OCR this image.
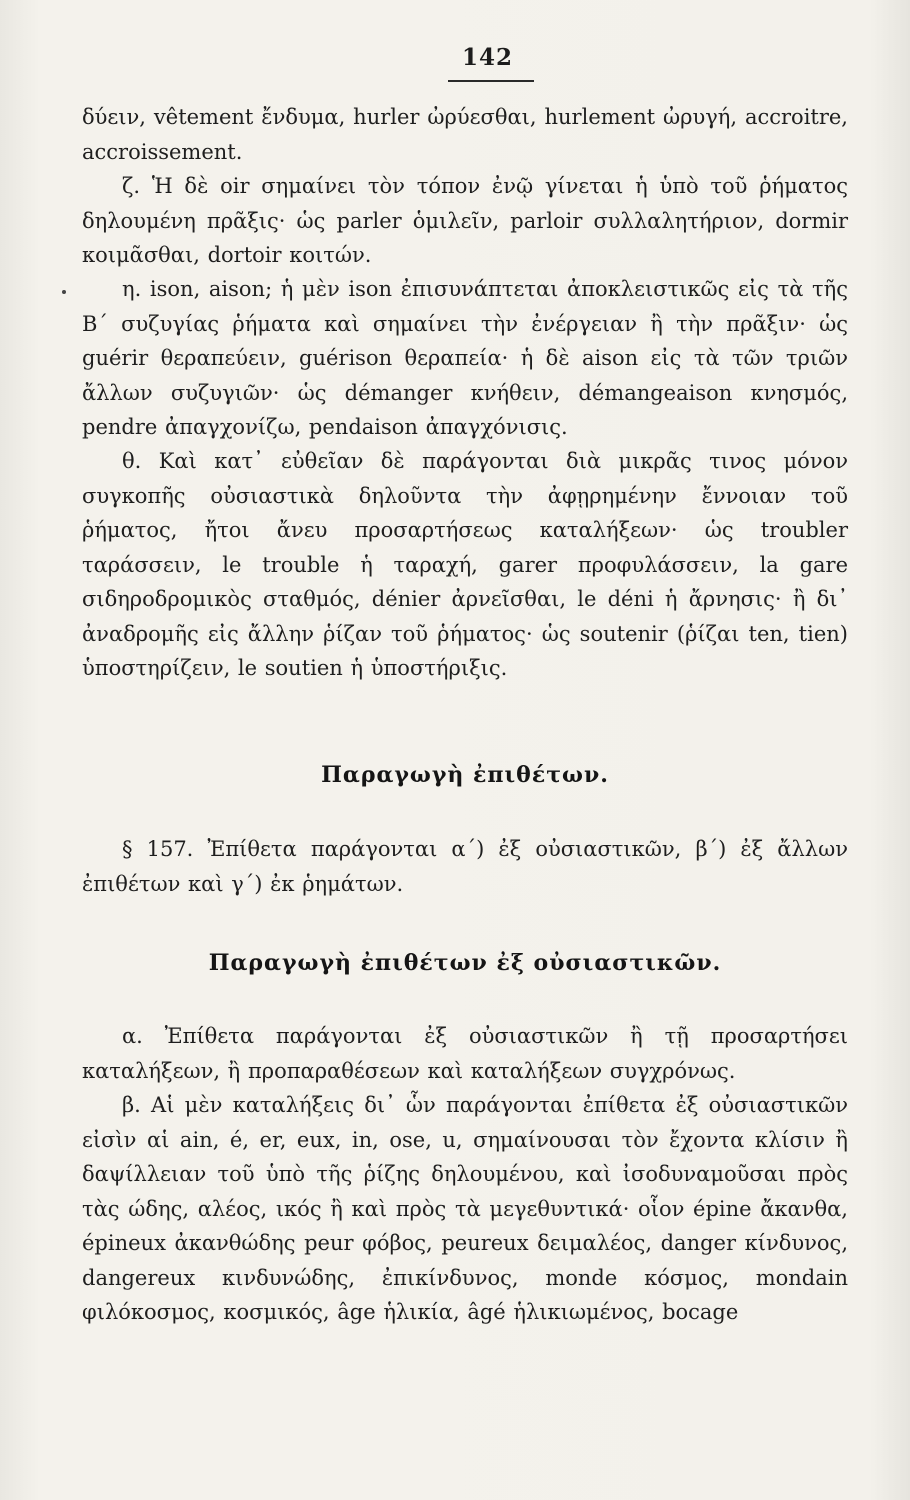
142

δύειν, vêtement ἔνδυμα, hurler ὠρύεσθαι, hurlement ὠρυγή, accroitre, accroissement.

ζ. Ἡ δὲ oir σημαίνει τὸν τόπον ἐνῷ γίνεται ἡ ὑπὸ τοῦ ῥήματος δηλουμένη πρᾶξις· ὡς parler ὁμιλεῖν, parloir συλλαλητήριον, dormir κοιμᾶσθαι, dortoir κοιτών.

η. ison, aison; ἡ μὲν ison ἐπισυνάπτεται ἀποκλειστικῶς εἰς τὰ τῆς Β΄ συζυγίας ῥήματα καὶ σημαίνει τὴν ἐνέργειαν ἢ τὴν πρᾶξιν· ὡς guérir θεραπεύειν, guérison θεραπεία· ἡ δὲ aison εἰς τὰ τῶν τριῶν ἄλλων συζυγιῶν· ὡς démanger κνήθειν, démangeaison κνησμός, pendre ἀπαγχονίζω, pendaison ἀπαγχόνισις.

θ. Καὶ κατ᾽ εὐθεῖαν δὲ παράγονται διὰ μικρᾶς τινος μόνον συγκοπῆς οὐσιαστικὰ δηλοῦντα τὴν ἀφῃρημένην ἔννοιαν τοῦ ῥήματος, ἤτοι ἄνευ προσαρτήσεως καταλήξεων· ὡς troubler ταράσσειν, le trouble ἡ ταραχή, garer προφυλάσσειν, la gare σιδηροδρομικὸς σταθμός, dénier ἀρνεῖσθαι, le déni ἡ ἄρνησις· ἢ δι᾽ ἀναδρομῆς εἰς ἄλλην ῥίζαν τοῦ ῥήματος· ὡς soutenir (ῥίζαι ten, tien) ὑποστηρίζειν, le soutien ἡ ὑποστήριξις.

Παραγωγὴ ἐπιθέτων.

§ 157. Ἐπίθετα παράγονται α΄) ἐξ οὐσιαστικῶν, β΄) ἐξ ἄλλων ἐπιθέτων καὶ γ΄) ἐκ ῥημάτων.

Παραγωγὴ ἐπιθέτων ἐξ οὐσιαστικῶν.

α. Ἐπίθετα παράγονται ἐξ οὐσιαστικῶν ἢ τῇ προσαρτήσει καταλήξεων, ἢ προπαραθέσεων καὶ καταλήξεων συγχρόνως.

β. Αἱ μὲν καταλήξεις δι᾽ ὧν παράγονται ἐπίθετα ἐξ οὐσιαστικῶν εἰσὶν αἱ ain, é, er, eux, in, ose, u, σημαίνουσαι τὸν ἔχοντα κλίσιν ἢ δαψίλλειαν τοῦ ὑπὸ τῆς ῥίζης δηλουμένου, καὶ ἰσοδυναμοῦσαι πρὸς τὰς ώδης, αλέος, ικός ἢ καὶ πρὸς τὰ μεγεθυντικά· οἷον épine ἄκανθα, épineux ἀκανθώδης peur φόβος, peureux δειμαλέος, danger κίνδυνος, dangereux κινδυνώδης, ἐπικίνδυνος, monde κόσμος, mondain φιλόκοσμος, κοσμικός, âge ἡλικία, âgé ἡλικιωμένος, bocage
